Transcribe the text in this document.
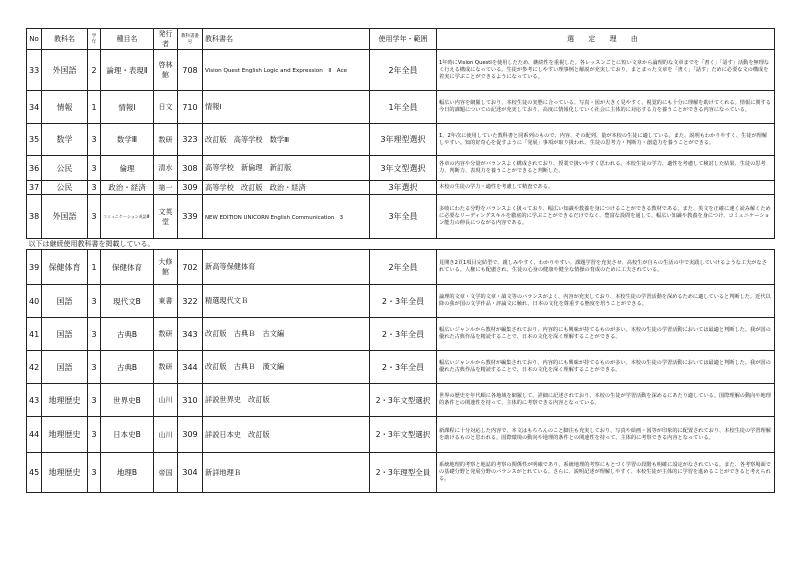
No	教科名	学年	種目名	発行者	教科書番号	教科書名	使用学年・範囲	選 定 理 由
33	外国語	2	論理・表現Ⅱ	啓林館	708	Vision Quest English Logic and Expression　Ⅱ　Ace	2年全員	1年時にVision QuestⅠを使用したため、継続性を重視した。各レッスンごとに短い文章から論理的な文章までを「書く」「話す」活動を無理なく行える構成になっている。生徒が参考にしやすい理事例と解説が充実しており、まとまった文章を「書く」「話す」ために必要な文の構成を着実に学ぶことができるようになっている。
34	情報	1	情報Ⅰ	日文	710	情報Ⅰ	1年全員	幅広い内容を網羅しており、本校生徒の実態に合っている。写真・図が大きく見やすく、視覚的にも十分に理解を助けてくれる。情報に関する今日的課題についての記述が充実しており、高度に情報化していく社会に主体的に対応する力を養うことができる内容になっている。
35	数学	3	数学Ⅲ	数研	323	改訂版　高等学校　数学Ⅲ	3年理型選択	1，2年次に使用していた教科書と同系列のもので、内容、その配列、量が本校の生徒に適している。また、説明もわかりやすく、生徒が理解しやすい。知的好奇心を促すように「発展」事項が取り扱われ、生徒の思考力・判断力・創造力を養うことができる。
36	公民	3	倫理	清水	308	高等学校　新倫理　新訂版	3年文型選択	各章の内容や分量がバランスよく構成されており、授業で扱いやすく思われる。本校生徒の学力、適性を考慮して検討した結果、生徒の思考力、判断力、表現力を養うことができると判断した。
37	公民	3	政治・経済	第一	309	高等学校　改訂版　政治・経済	3年選択	本校の生徒の学力・適性を考慮して精査である。
38	外国語	3	コミュニケーション英語Ⅲ	文英堂	339	NEW EDITION UNICORN English Communication　3	3年全員	多岐にわたる分野をバランスよく扱っており、幅広い知識や教養を身につけることができる教材である。また、英文を正確に速く読み解くために必要なリーディングスキルを徹底的に学ぶことができるだけでなく、豊富な設問を通して、幅広い知識や教養を身につけ、コミュニケーション能力の伸長につながる内容である。
以下は継続使用教科書を掲載している。								
39	保健体育	1	保健体育	大修館	702	新高等保健体育	2年全員	見開き2頁1項目完結型で、親しみやすく、わかりやすい。課題学習を充実させ、高校生が自らの生活の中で実践していけるような工夫がなされている。人権にも配慮され、生徒の心身の健康や健全な情操の育成のために工夫されている。
40	国語	3	現代文B	東書	322	精選現代文Ｂ	2・3年全員	論理的文章・文学的文章・韻文等のバランスがよく、内容が充実しており、本校生徒の学習活動を深めるために適していると判断した。近代以降の我が国の文学作品・評論文に触れ、日本の文化を尊重する態度を培うことができる。
41	国語	3	古典B	数研	343	改訂版　古典Ｂ　古文編	2・3年全員	幅広いジャンルから教材が編集されており、内容的にも興味が持てるものが多い。本校の生徒の学習活動においては最適と判断した。我が国の優れた古典作品を精読することで、日本の文化を深く理解することができる。
42	国語	3	古典B	数研	344	改訂版　古典Ｂ　漢文編	2・3年全員	幅広いジャンルから教材が編集されており、内容的にも興味が持てるものが多い。本校の生徒の学習活動においては最適と判断した。我が国の優れた古典作品を精読することで、日本の文化を深く理解することができる。
43	地理歴史	3	世界史B	山川	310	詳説世界史　改訂版	2・3年文型選択	世界の歴史を年代順に各地域を網羅して、詳細に記述されており、本校の生徒が学習活動を深めるにあたり適している。国際理解の動向や地理的条件との関連性を持って、主体的に考察できる内容となっている。
44	地理歴史	3	日本史B	山川	309	詳説日本史　改訂版	2・3年文型選択	新課程に十分対応した内容で、本文はもちろんのこと脚注も充実しており、写真や絵画・図等が印象的に配置されており、本校生徒の学習理解を助けるものと思われる。国際環境の動向や地理的条件との関連性を持って、主体的に考察できる内容となっている。
45	地理歴史	3	地理B	帝国	304	新詳地理Ｂ	2・3年理型全員	系統地理的考察と地誌的考察の関係性が明確であり、系統地理的考察にもとづく学習の段階も明確に設定がなされている。また、各考察場面での基礎分野と発展分野のバランスがとれている。さらに、説明記述が理解しやすく、本校生徒が主体的に学習を進めることができると考えられる。
